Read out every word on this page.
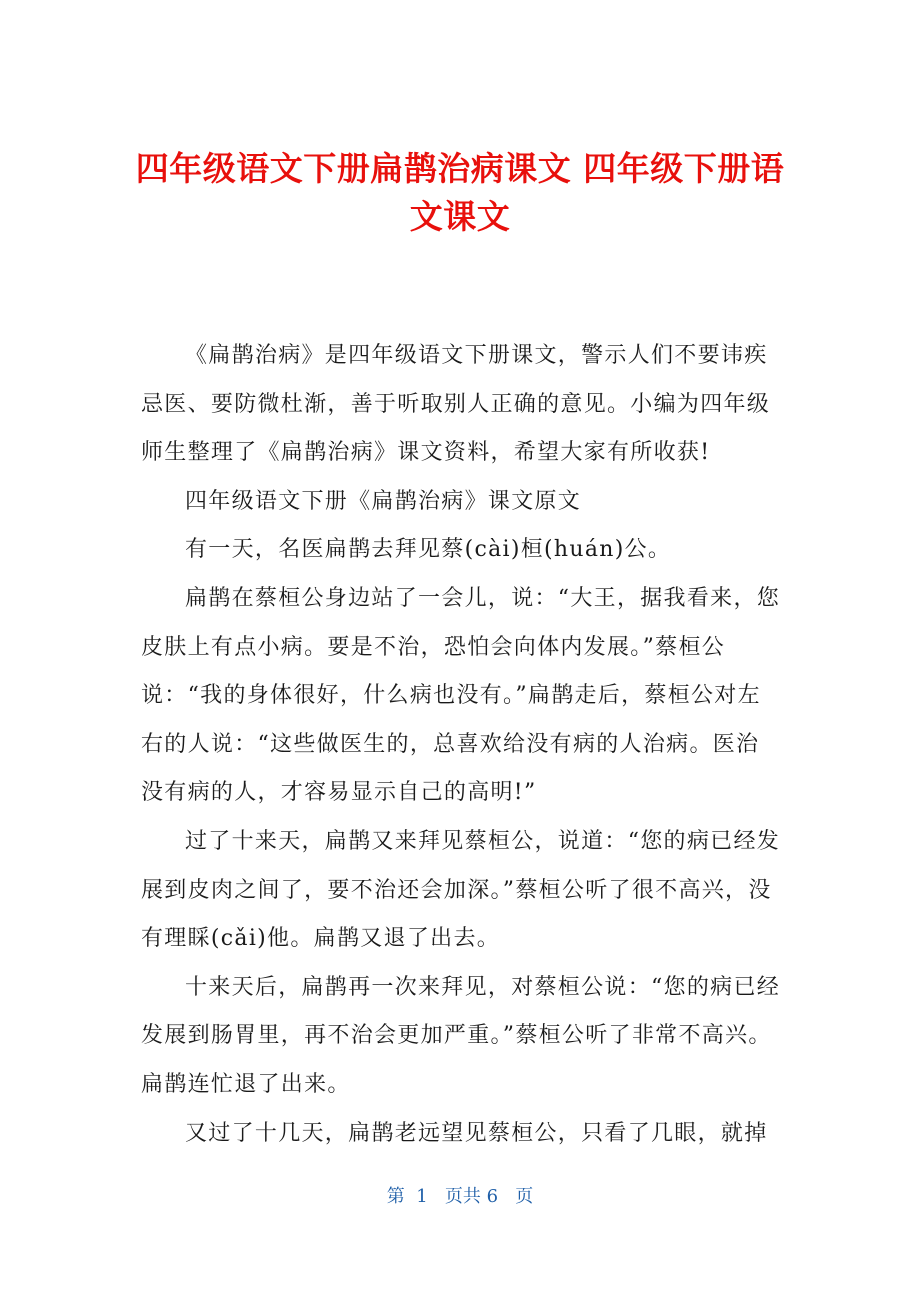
四年级语文下册扁鹊治病课文 四年级下册语
文课文

《扁鹊治病》是四年级语文下册课文，警示人们不要讳疾忌医、要防微杜渐，善于听取别人正确的意见。小编为四年级师生整理了《扁鹊治病》课文资料，希望大家有所收获!

四年级语文下册《扁鹊治病》课文原文

有一天，名医扁鹊去拜见蔡(cài)桓(huán)公。

扁鹊在蔡桓公身边站了一会儿，说：“大王，据我看来，您皮肤上有点小病。要是不治，恐怕会向体内发展。”蔡桓公说：“我的身体很好，什么病也没有。”扁鹊走后，蔡桓公对左右的人说：“这些做医生的，总喜欢给没有病的人治病。医治没有病的人，才容易显示自己的高明!”

过了十来天，扁鹊又来拜见蔡桓公，说道：“您的病已经发展到皮肉之间了，要不治还会加深。”蔡桓公听了很不高兴，没有理睬(cǎi)他。扁鹊又退了出去。

十来天后，扁鹊再一次来拜见，对蔡桓公说：“您的病已经发展到肠胃里，再不治会更加严重。”蔡桓公听了非常不高兴。扁鹊连忙退了出来。

又过了十几天，扁鹊老远望见蔡桓公，只看了几眼，就掉

第  1   页共 6   页
